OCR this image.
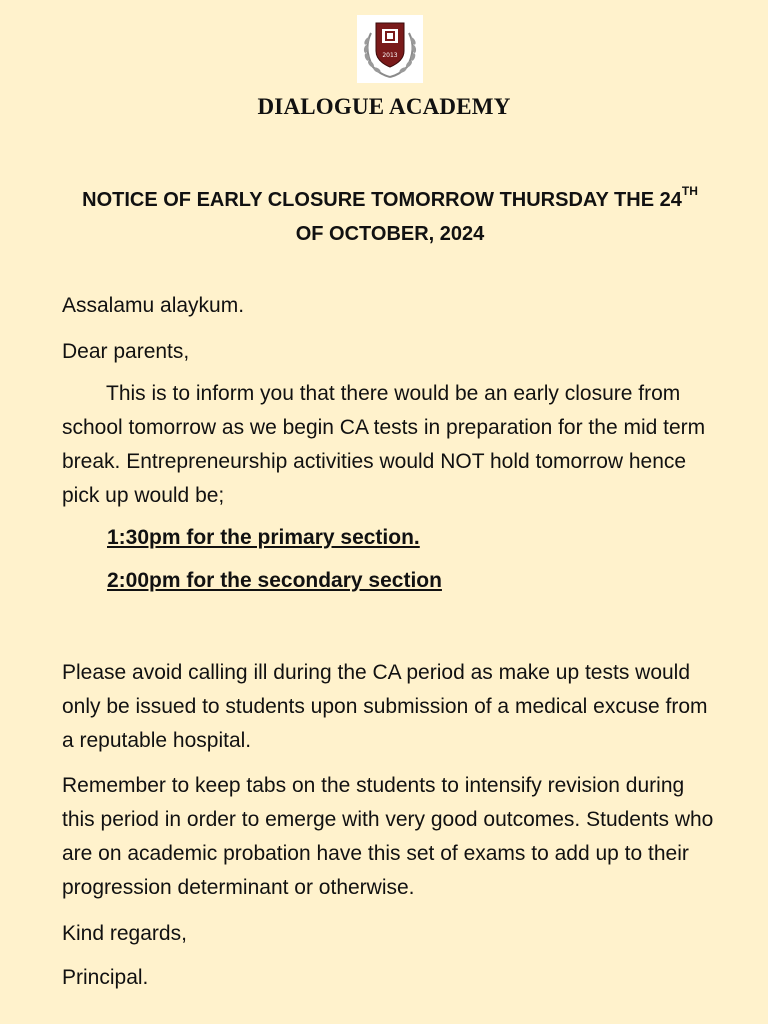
2013
DIALOGUE ACADEMY
NOTICE OF EARLY CLOSURE TOMORROW THURSDAY THE 24TH
OF OCTOBER, 2024
Assalamu alaykum.
Dear parents,
This is to inform you that there would be an early closure from school tomorrow as we begin CA tests in preparation for the mid term break. Entrepreneurship activities would NOT hold tomorrow hence pick up would be;
1:30pm for the primary section.
2:00pm for the secondary section
Please avoid calling ill during the CA period as make up tests would only be issued to students upon submission of a medical excuse from a reputable hospital.
Remember to keep tabs on the students to intensify revision during this period in order to emerge with very good outcomes. Students who are on academic probation have this set of exams to add up to their progression determinant or otherwise.
Kind regards,
Principal.
